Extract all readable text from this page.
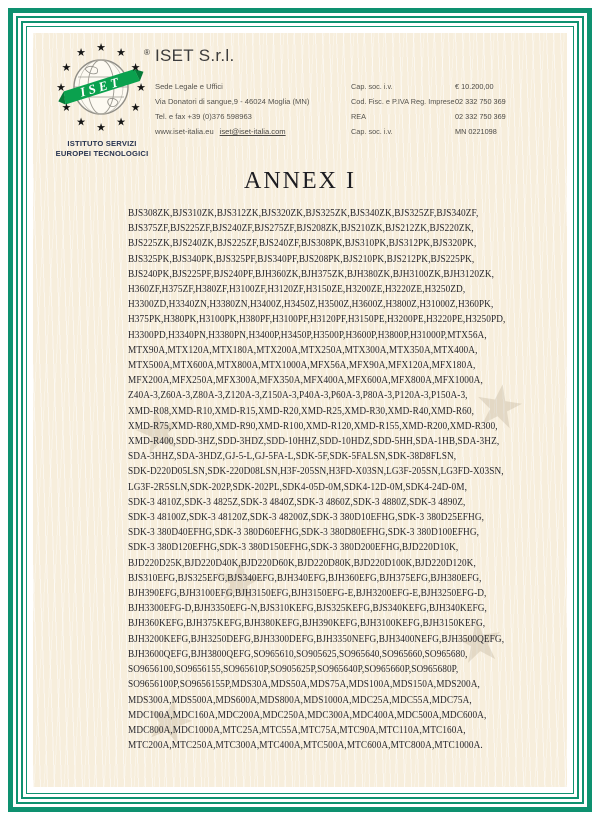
★	★
★
★
★
ISET
★ ★
★
★
★
★
★
★
★
★
★
★	®
ISTITUTO SERVIZI
EUROPEI TECNOLOGICI
ISET S.r.l.
Sede Legale e Uffici
Via Donatori di sangue,9 - 46024 Moglia (MN)
Tel. e fax +39 (0)376 598963
www.iset-italia.eu iset@iset-italia.com
Cap. soc. i.v.	€ 10.200,00
Cod. Fisc. e P.IVA Reg. Imprese 02 332 750 369
REA	02 332 750 369
Cap. soc. i.v.	MN 0221098
ANNEX I
BJS308ZK,BJS310ZK,BJS312ZK,BJS320ZK,BJS325ZK,BJS340ZK,BJS325ZF,BJS340ZF,
BJS375ZF,BJS225ZF,BJS240ZF,BJS275ZF,BJS208ZK,BJS210ZK,BJS212ZK,BJS220ZK,
BJS225ZK,BJS240ZK,BJS225ZF,BJS240ZF,BJS308PK,BJS310PK,BJS312PK,BJS320PK,
BJS325PK,BJS340PK,BJS325PF,BJS340PF,BJS208PK,BJS210PK,BJS212PK,BJS225PK,
BJS240PK,BJS225PF,BJS240PF,BJH360ZK,BJH375ZK,BJH380ZK,BJH3100ZK,BJH3120ZK,
H360ZF,H375ZF,H380ZF,H3100ZF,H3120ZF,H3150ZE,H3200ZE,H3220ZE,H3250ZD,
H3300ZD,H3340ZN,H3380ZN,H3400Z,H3450Z,H3500Z,H3600Z,H3800Z,H31000Z,H360PK,
H375PK,H380PK,H3100PK,H380PF,H3100PF,H3120PF,H3150PE,H3200PE,H3220PE,H3250PD,
H3300PD,H3340PN,H3380PN,H3400P,H3450P,H3500P,H3600P,H3800P,H31000P,MTX56A,
MTX90A,MTX120A,MTX180A,MTX200A,MTX250A,MTX300A,MTX350A,MTX400A,
MTX500A,MTX600A,MTX800A,MTX1000A,MFX56A,MFX90A,MFX120A,MFX180A,
MFX200A,MFX250A,MFX300A,MFX350A,MFX400A,MFX600A,MFX800A,MFX1000A,
Z40A-3,Z60A-3,Z80A-3,Z120A-3,Z150A-3,P40A-3,P60A-3,P80A-3,P120A-3,P150A-3,
XMD-R08,XMD-R10,XMD-R15,XMD-R20,XMD-R25,XMD-R30,XMD-R40,XMD-R60,
XMD-R75,XMD-R80,XMD-R90,XMD-R100,XMD-R120,XMD-R155,XMD-R200,XMD-R300,
XMD-R400,SDD-3HZ,SDD-3HDZ,SDD-10HHZ,SDD-10HDZ,SDD-5HH,SDA-1HB,SDA-3HZ,
SDA-3HHZ,SDA-3HDZ,GJ-5-L,GJ-5FA-L,SDK-5F,SDK-5FALSN,SDK-38D8FLSN,
SDK-D220D05LSN,SDK-220D08LSN,H3F-205SN,H3FD-X03SN,LG3F-205SN,LG3FD-X03SN,
LG3F-2R5SLN,SDK-202P,SDK-202PL,SDK4-05D-0M,SDK4-12D-0M,SDK4-24D-0M,
SDK-3 4810Z,SDK-3 4825Z,SDK-3 4840Z,SDK-3 4860Z,SDK-3 4880Z,SDK-3 4890Z,
SDK-3 48100Z,SDK-3 48120Z,SDK-3 48200Z,SDK-3 380D10EFHG,SDK-3 380D25EFHG,
SDK-3 380D40EFHG,SDK-3 380D60EFHG,SDK-3 380D80EFHG,SDK-3 380D100EFHG,
SDK-3 380D120EFHG,SDK-3 380D150EFHG,SDK-3 380D200EFHG,BJD220D10K,
BJD220D25K,BJD220D40K,BJD220D60K,BJD220D80K,BJD220D100K,BJD220D120K,
BJS310EFG,BJS325EFG,BJS340EFG,BJH340EFG,BJH360EFG,BJH375EFG,BJH380EFG,
BJH390EFG,BJH3100EFG,BJH3150EFG,BJH3150EFG-E,BJH3200EFG-E,BJH3250EFG-D,
BJH3300EFG-D,BJH3350EFG-N,BJS310KEFG,BJS325KEFG,BJS340KEFG,BJH340KEFG,
BJH360KEFG,BJH375KEFG,BJH380KEFG,BJH390KEFG,BJH3100KEFG,BJH3150KEFG,
BJH3200KEFG,BJH3250DEFG,BJH3300DEFG,BJH3350NEFG,BJH3400NEFG,BJH3500QEFG,
BJH3600QEFG,BJH3800QEFG,SO965610,SO905625,SO965640,SO965660,SO965680,
SO9656100,SO9656155,SO965610P,SO905625P,SO965640P,SO965660P,SO965680P,
SO9656100P,SO9656155P,MDS30A,MDS50A,MDS75A,MDS100A,MDS150A,MDS200A,
MDS300A,MDS500A,MDS600A,MDS800A,MDS1000A,MDC25A,MDC55A,MDC75A,
MDC100A,MDC160A,MDC200A,MDC250A,MDC300A,MDC400A,MDC500A,MDC600A,
MDC800A,MDC1000A,MTC25A,MTC55A,MTC75A,MTC90A,MTC110A,MTC160A,
MTC200A,MTC250A,MTC300A,MTC400A,MTC500A,MTC600A,MTC800A,MTC1000A.
